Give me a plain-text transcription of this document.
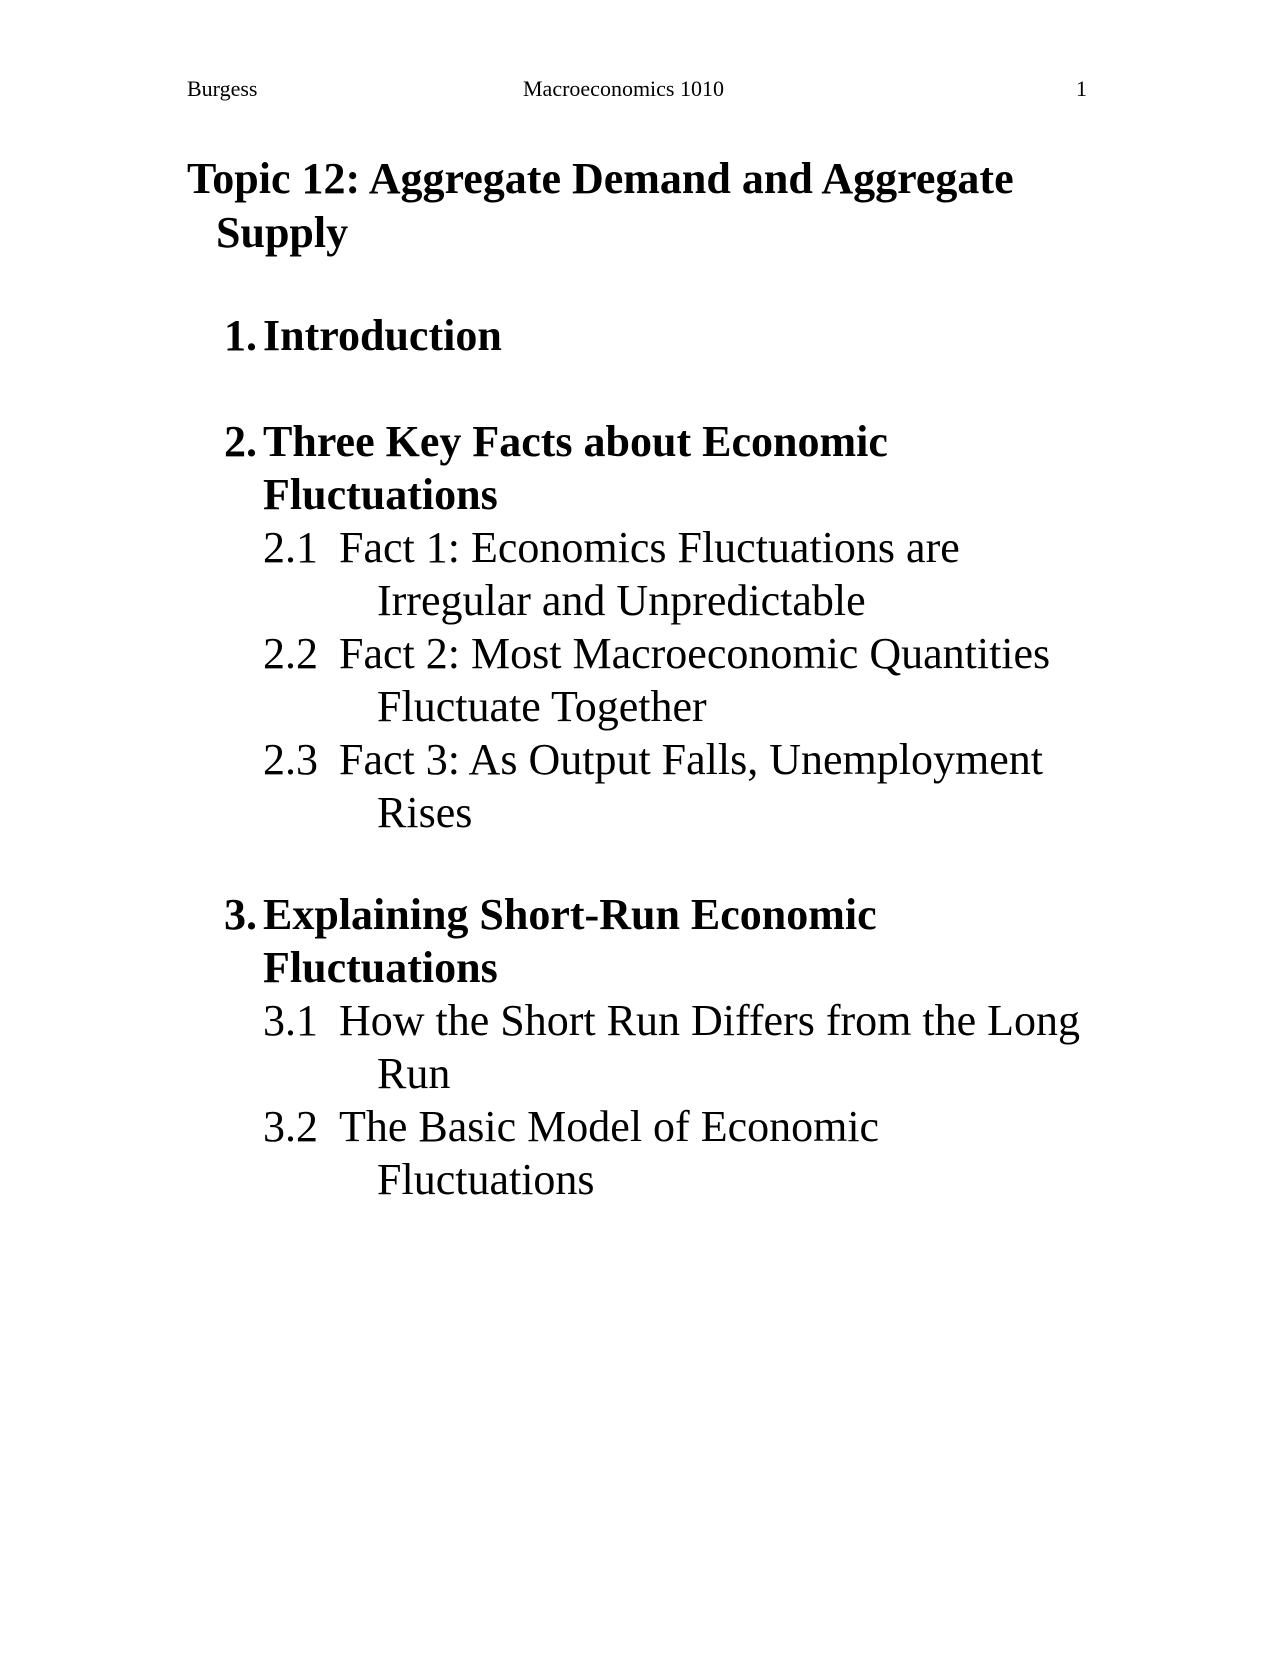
Burgess	Macroeconomics 1010	1
Topic 12: Aggregate Demand and Aggregate Supply
1. Introduction
2. Three Key Facts about Economic Fluctuations
2.1 Fact 1: Economics Fluctuations are Irregular and Unpredictable
2.2 Fact 2: Most Macroeconomic Quantities Fluctuate Together
2.3 Fact 3: As Output Falls, Unemployment Rises
3. Explaining Short-Run Economic Fluctuations
3.1 How the Short Run Differs from the Long Run
3.2 The Basic Model of Economic Fluctuations
